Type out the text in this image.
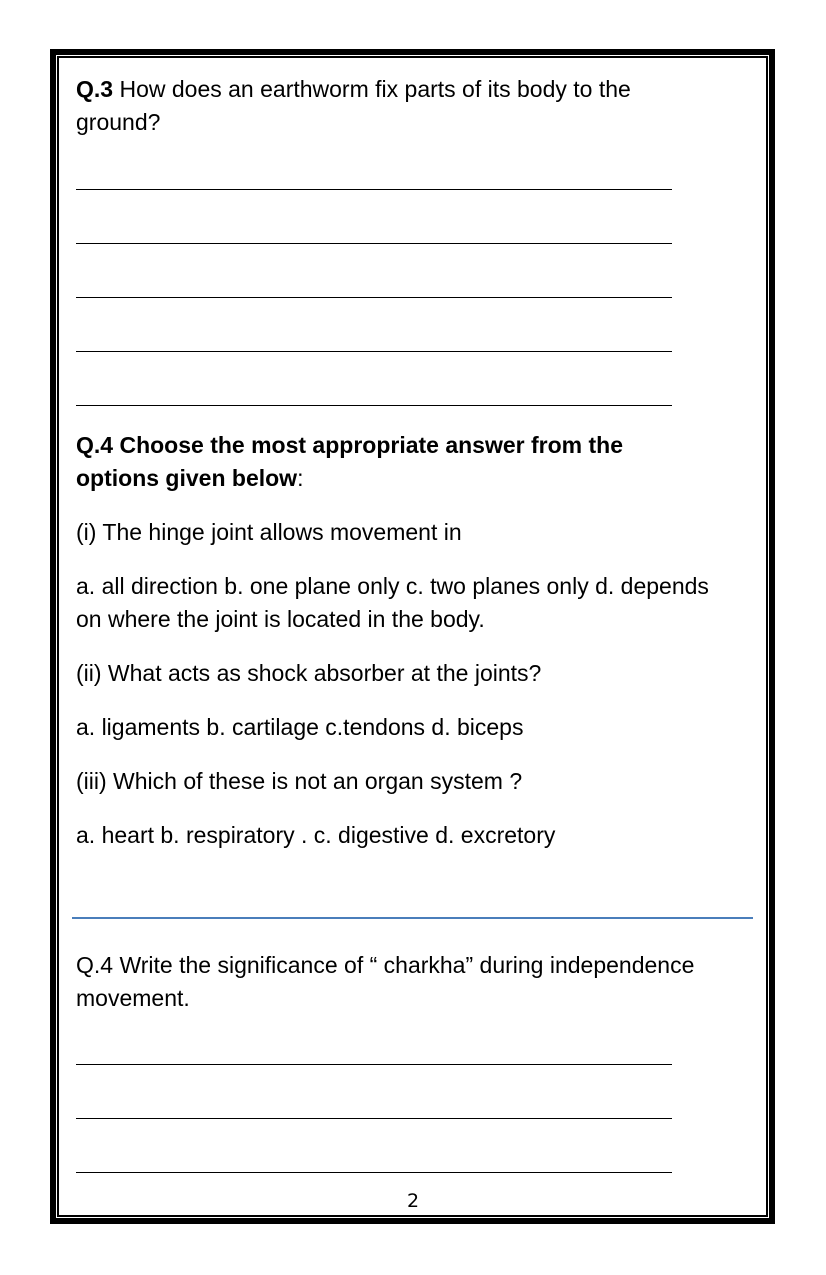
Q.3 How does an earthworm fix parts of its body to the ground?
Q.4 Choose the most appropriate answer from the options given below:
(i) The hinge joint allows movement in
a. all direction b. one plane only c. two planes only d. depends on where the joint is located in the body.
(ii) What acts as shock absorber at the joints?
a. ligaments b. cartilage c.tendons d. biceps
(iii) Which of these is not an organ system ?
a. heart b. respiratory . c. digestive d. excretory
Q.4 Write the significance of “ charkha” during independence movement.
2
